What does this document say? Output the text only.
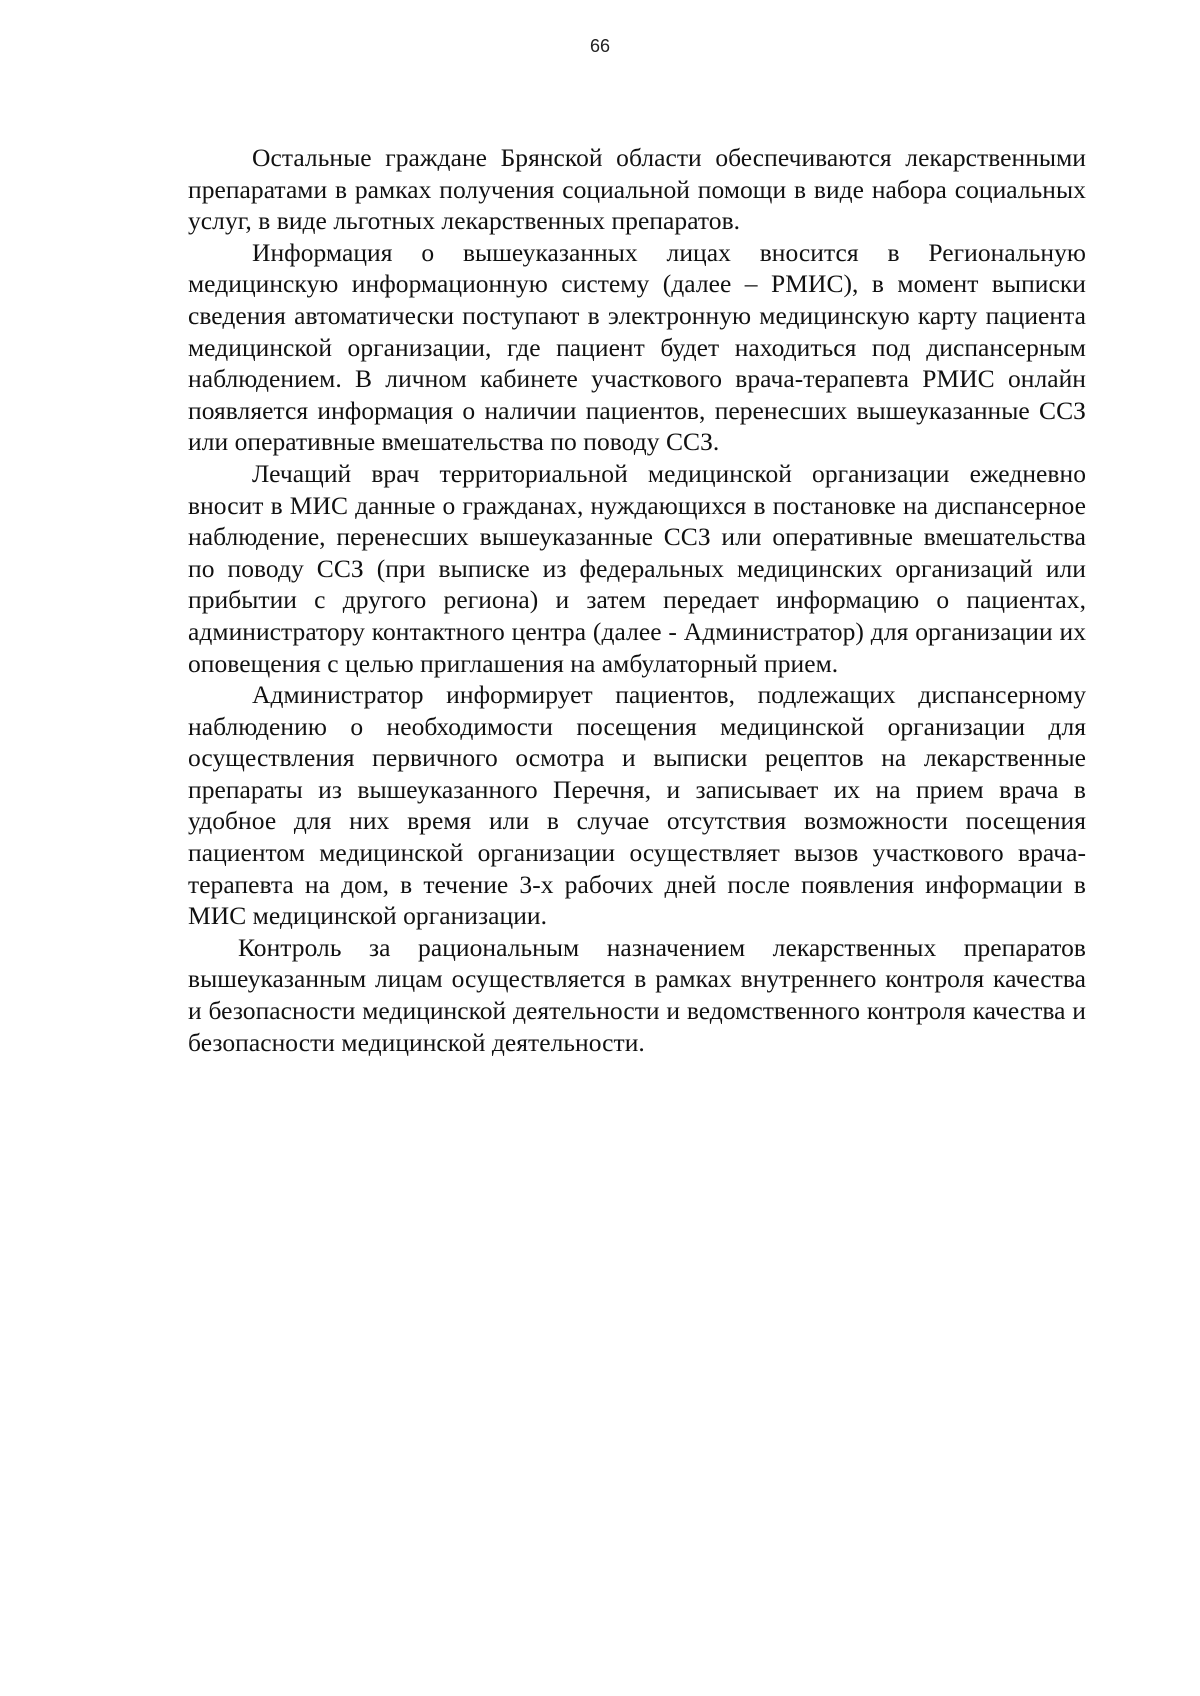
66

Остальные граждане Брянской области обеспечиваются лекарственными препаратами в рамках получения социальной помощи в виде набора социальных услуг, в виде льготных лекарственных препаратов.

Информация о вышеуказанных лицах вносится в Региональную медицинскую информационную систему (далее – РМИС), в момент выписки сведения автоматически поступают в электронную медицинскую карту пациента медицинской организации, где пациент будет находиться под диспансерным наблюдением. В личном кабинете участкового врача-терапевта РМИС онлайн появляется информация о наличии пациентов, перенесших вышеуказанные ССЗ или оперативные вмешательства по поводу ССЗ.

Лечащий врач территориальной медицинской организации ежедневно вносит в МИС данные о гражданах, нуждающихся в постановке на диспансерное наблюдение, перенесших вышеуказанные ССЗ или оперативные вмешательства по поводу ССЗ (при выписке из федеральных медицинских организаций или прибытии с другого региона) и затем передает информацию о пациентах, администратору контактного центра (далее - Администратор) для организации их оповещения с целью приглашения на амбулаторный прием.

Администратор информирует пациентов, подлежащих диспансерному наблюдению о необходимости посещения медицинской организации для осуществления первичного осмотра и выписки рецептов на лекарственные препараты из вышеуказанного Перечня, и записывает их на прием врача в удобное для них время или в случае отсутствия возможности посещения пациентом медицинской организации осуществляет вызов участкового врача-терапевта на дом, в течение 3-х рабочих дней после появления информации в МИС медицинской организации.

Контроль за рациональным назначением лекарственных препаратов вышеуказанным лицам осуществляется в рамках внутреннего контроля качества и безопасности медицинской деятельности и ведомственного контроля качества и безопасности медицинской деятельности.
